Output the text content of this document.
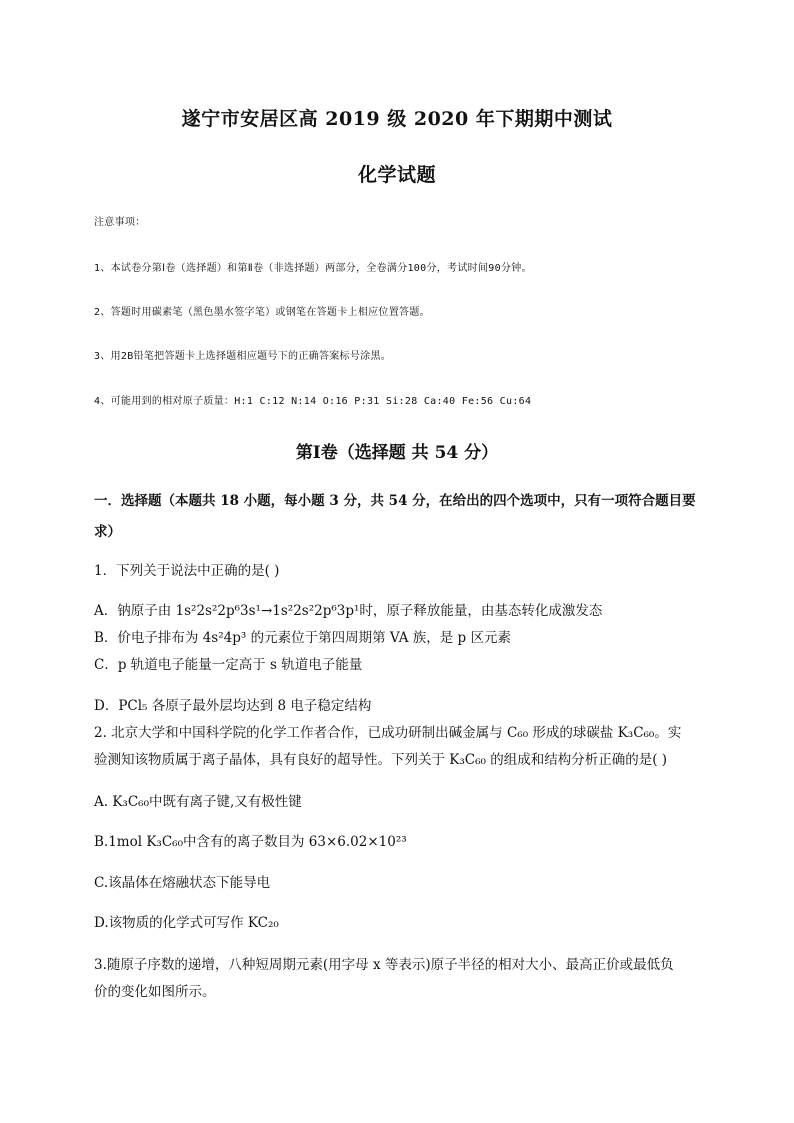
遂宁市安居区高 2019 级 2020 年下期期中测试
化学试题
注意事项：
1、本试卷分第Ⅰ卷（选择题）和第Ⅱ卷（非选择题）两部分，全卷满分100分，考试时间90分钟。
2、答题时用碳素笔（黑色墨水签字笔）或钢笔在答题卡上相应位置答题。
3、用2B铅笔把答题卡上选择题相应题号下的正确答案标号涂黑。
4、可能用到的相对原子质量：H:1 C:12 N:14 O:16 P:31 Si:28 Ca:40 Fe:56 Cu:64
第Ⅰ卷（选择题 共 54 分）
一．选择题（本题共 18 小题，每小题 3 分，共 54 分，在给出的四个选项中，只有一项符合题目要
求）
1．下列关于说法中正确的是( )
A．钠原子由 1s²2s²2p⁶3s¹→1s²2s²2p⁶3p¹时，原子释放能量，由基态转化成激发态
B．价电子排布为 4s²4p³ 的元素位于第四周期第 VA 族，是 p 区元素
C．p 轨道电子能量一定高于 s 轨道电子能量
D．PCl₅ 各原子最外层均达到 8 电子稳定结构
2. 北京大学和中国科学院的化学工作者合作，已成功研制出碱金属与 C₆₀ 形成的球碳盐 K₃C₆₀。实
验测知该物质属于离子晶体，具有良好的超导性。下列关于 K₃C₆₀ 的组成和结构分析正确的是( )
A. K₃C₆₀中既有离子键,又有极性键
B.1mol K₃C₆₀中含有的离子数目为 63×6.02×10²³
C.该晶体在熔融状态下能导电
D.该物质的化学式可写作 KC₂₀
3.随原子序数的递增，八种短周期元素(用字母 x 等表示)原子半径的相对大小、最高正价或最低负
价的变化如图所示。
